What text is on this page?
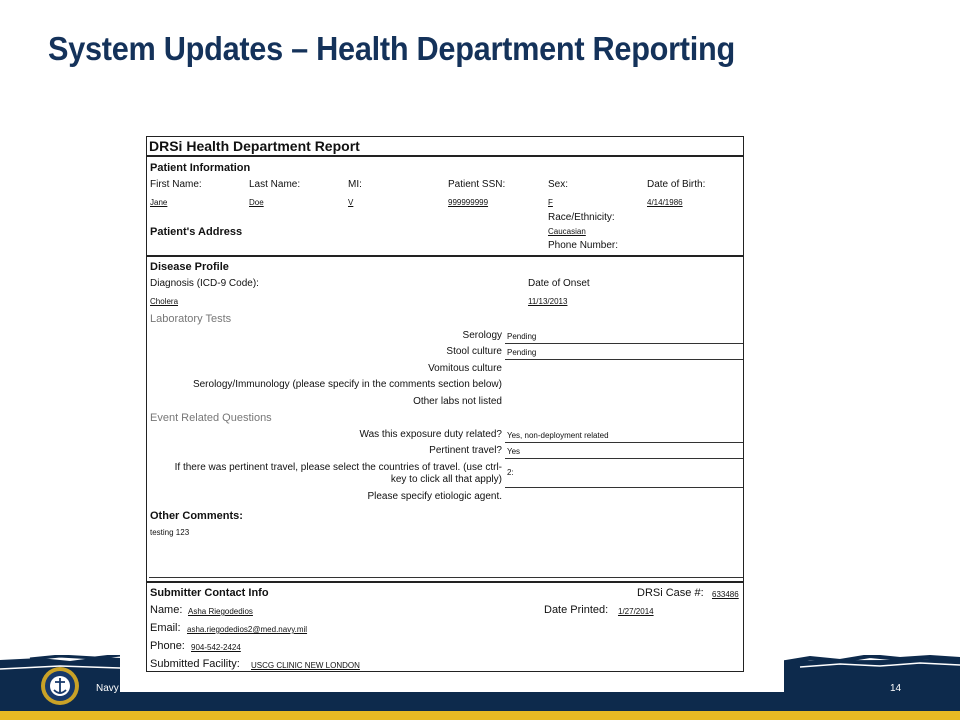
System Updates – Health Department Reporting
Navy	14
DRSi Health Department Report
Patient Information
First Name:	Last Name:	MI:	Patient SSN:	Sex:	Date of Birth:
Jane	Doe	V	999999999	F	4/14/1986
Race/Ethnicity:
Caucasian
Patient's Address
Phone Number:
Disease Profile
Diagnosis (ICD-9 Code):	Date of Onset
Cholera	11/13/2013
Laboratory Tests
Serology Pending
Stool culture Pending
Vomitous culture
Serology/Immunology (please specify in the comments section below)
Other labs not listed
Event Related Questions
Was this exposure duty related? Yes, non-deployment related
Pertinent travel? Yes
If there was pertinent travel, please select the countries of travel. (use ctrl-
key to click all that apply)
2:
Please specify etiologic agent.
Other Comments:
testing 123
Submitter Contact Info	DRSi Case #: 633486
Name: Asha Riegodedios	Date Printed: 1/27/2014
Email: asha.riegodedios2@med.navy.mil
Phone: 904-542-2424
Submitted Facility: USCG CLINIC NEW LONDON
